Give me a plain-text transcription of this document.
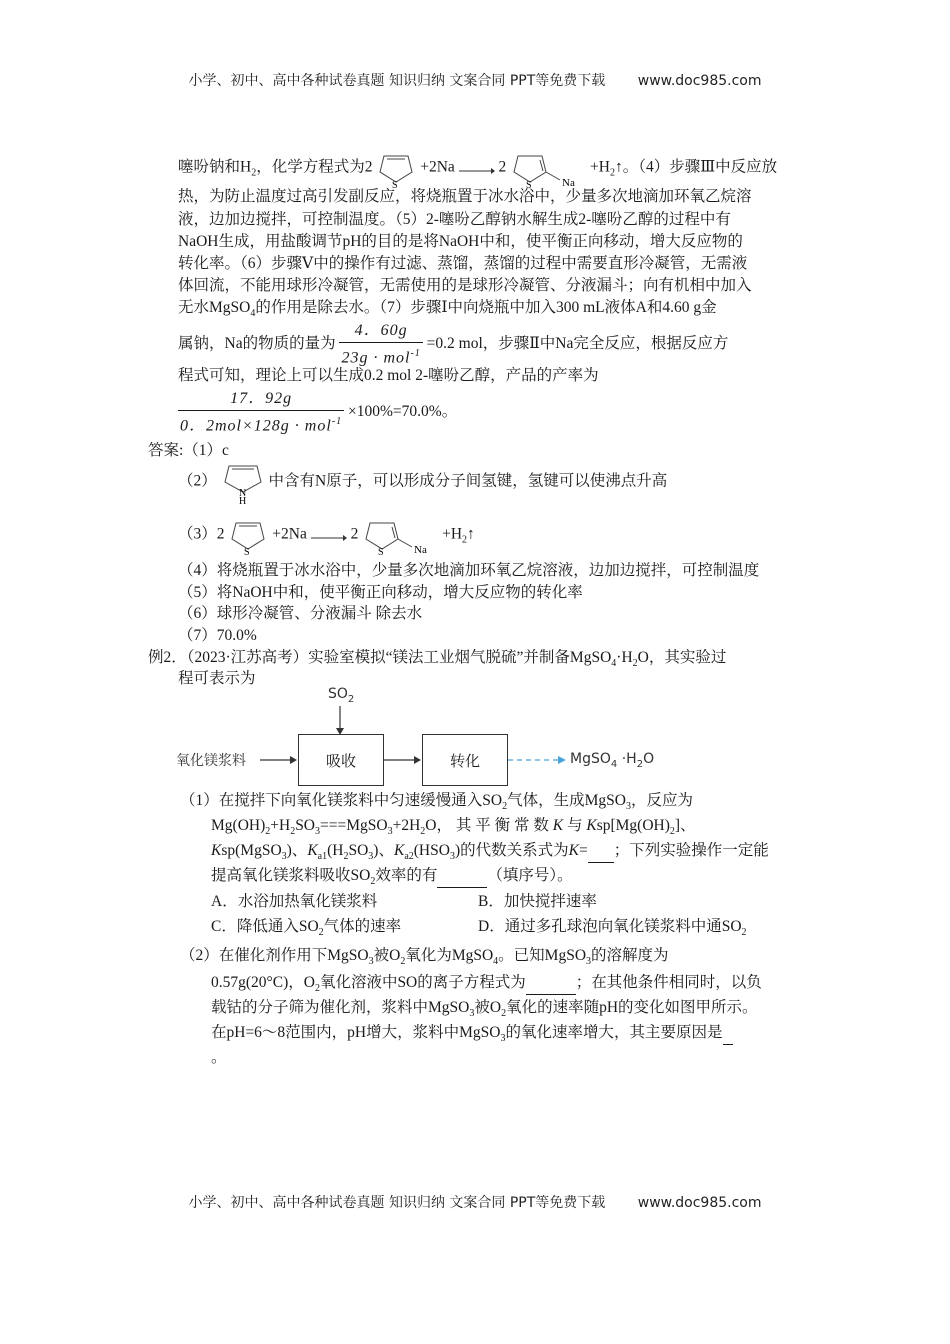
小学、初中、高中各种试卷真题 知识归纳 文案合同 PPT等免费下载 www.doc985.com
噻吩钠和$H_2$，化学方程式为2
S
+2Na → 2
S	Na
$+H_2↑$。（4）步骤Ⅲ中反应放
热，为防止温度过高引发副反应，将烧瓶置于冰水浴中，少量多次地滴加环氧乙烷溶
液，边加边搅拌，可控制温度。（5）2-噻吩乙醇钠水解生成2-噻吩乙醇的过程中有
NaOH生成，用盐酸调节pH的目的是将NaOH中和，使平衡正向移动，增大反应物的
转化率。（6）步骤Ⅴ中的操作有过滤、蒸馏，蒸馏的过程中需要直形冷凝管，无需液
体回流，不能用球形冷凝管，无需使用的是球形冷凝管、分液漏斗；向有机相中加入
无水MgSO$_4$的作用是除去水。（7）步骤Ⅰ中向烧瓶中加入300 mL液体A和4.60 g金
属钠，Na的物质的量为 $\frac{4.60g}{23g \cdot mol^{-1}} =0.2$ mol，步骤Ⅱ中Na完全反应，根据反应方
程式可知，理论上可以生成0.2 mol 2-噻吩乙醇，产品的产率为
$\frac{17.92g}{0.2mol\times 128g \cdot mol^{-1}} \times 100\%=70.0\%$。
答案:（1）c
（2）
N
H
中含有N原子，可以形成分子间氢键，氢键可以使沸点升高
（3）2
S
+2Na	2
S	Na
$+H_2↑$
（4）将烧瓶置于冰水浴中，少量多次地滴加环氧乙烷溶液，边加边搅拌，可控制温度
（5）将NaOH中和，使平衡正向移动，增大反应物的转化率
（6）球形冷凝管、分液漏斗 除去水
（7）70.0%
例2．（2023·江苏高考）实验室模拟“镁法工业烟气脱硫”并制备$MgSO_4\cdot H_2O$，其实验过
程可表示为
$SO_2$
氧化镁浆料	吸收	转化	MgSO$_4$ $\cdot H_2O$
（1）在搅拌下向氧化镁浆料中匀速缓慢通入$SO_2$气体，生成MgSO$_3$，反应为
$Mg(OH)_2+H_2SO_3===MgSO_3+2H_2O$， 其 平 衡 常 数 K 与 $Ksp[Mg(OH)_2]$、
Ksp(MgSO$_3$)、$K_{a1}(H_2SO_3)$、$K_{a2}(HSO_3)$的代数关系式为K= ；下列实验操作一定能
提高氧化镁浆料吸收$SO_2$效率的有	（填序号）。
A．水浴加热氧化镁浆料	B．加快搅拌速率
C．降低通入$SO_2$气体的速率	D．通过多孔球泡向氧化镁浆料中通$SO_2$
（2）在催化剂作用下MgSO$_3$被$O_2$氧化为MgSO$_4$。已知MgSO$_3$的溶解度为
0.57g(20°C)，$O_2$氧化溶液中SO的离子方程式为	；在其他条件相同时，以负
载钴的分子筛为催化剂，浆料中MgSO$_3$被$O_2$氧化的速率随pH的变化如图甲所示。
在pH=6～8范围内，pH增大，浆料中MgSO$_3$的氧化速率增大，其主要原因是
。
小学、初中、高中各种试卷真题 知识归纳 文案合同 PPT等免费下载 www.doc985.com
